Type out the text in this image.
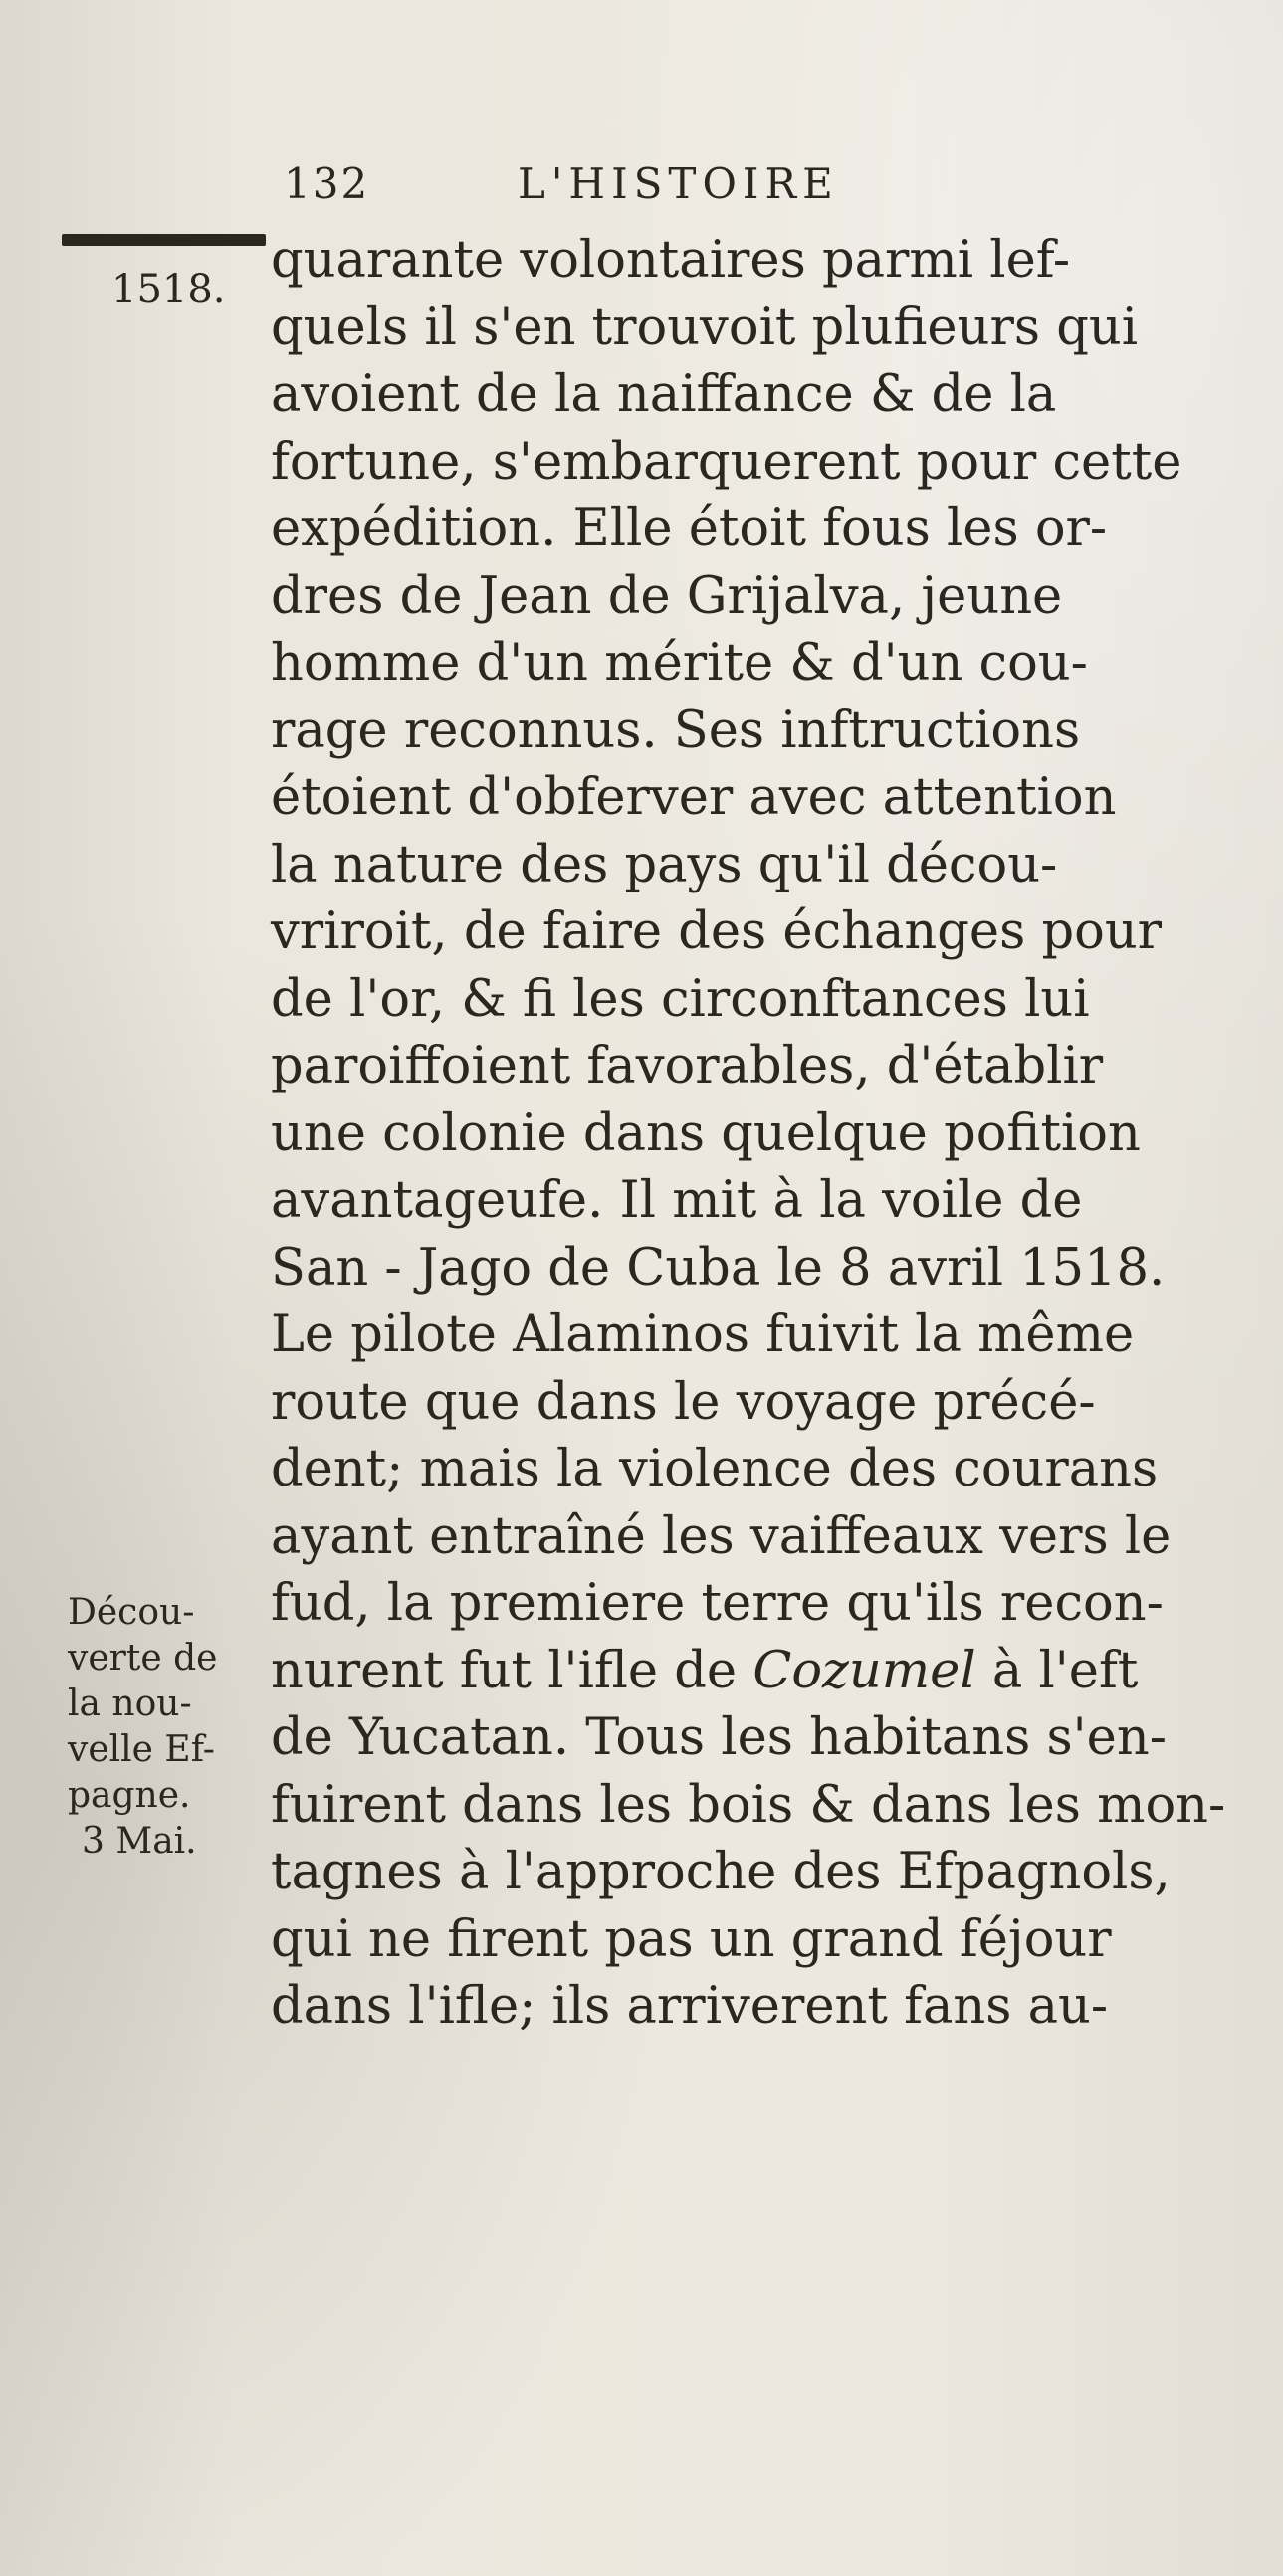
132	L'HISTOIRE
1518. quarante volontaires parmi lef-
quels il s'en trouvoit plufieurs qui
avoient de la naiffance & de la
fortune, s'embarquerent pour cette
expédition. Elle étoit fous les or-
dres de Jean de Grijalva, jeune
homme d'un mérite & d'un cou-
rage reconnus. Ses inftructions
étoient d'obferver avec attention
la nature des pays qu'il décou-
vriroit, de faire des échanges pour
de l'or, & fi les circonftances lui
paroiffoient favorables, d'établir
une colonie dans quelque pofition
avantageufe. Il mit à la voile de
San - Jago de Cuba le 8 avril 1518.
Le pilote Alaminos fuivit la même
route que dans le voyage précé-
dent; mais la violence des courans
ayant entraîné les vaiffeaux vers le
fud, la premiere terre qu'ils recon-
nurent fut l'ifle de Cozumel à l'eft
de Yucatan. Tous les habitans s'en-
fuirent dans les bois & dans les mon-
tagnes à l'approche des Efpagnols,
qui ne firent pas un grand féjour
dans l'ifle; ils arriverent fans au-
Décou-
verte de
la nou-
velle Ef-
pagne.
3 Mai.
